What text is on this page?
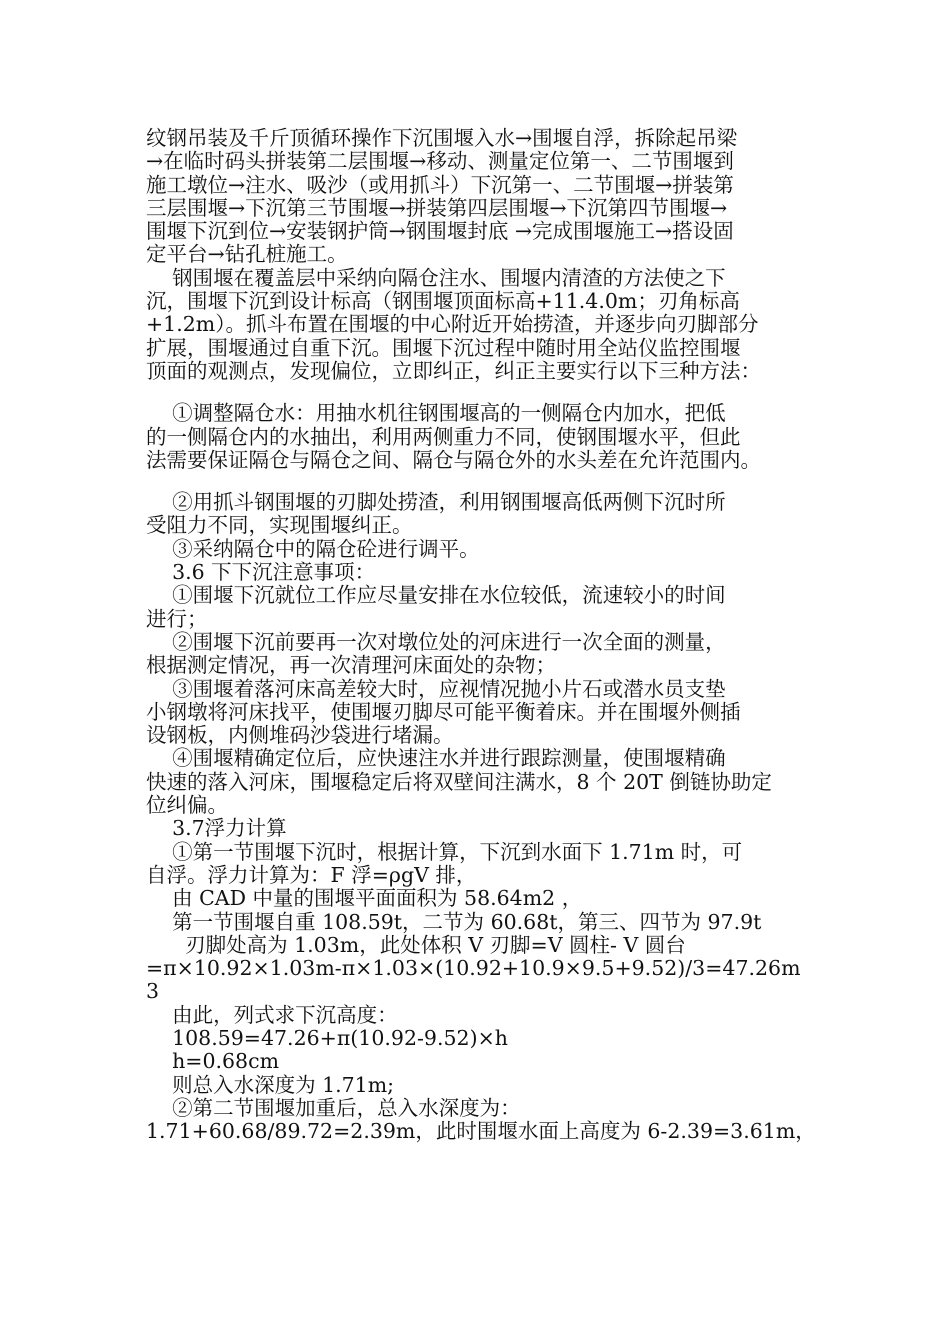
纹钢吊装及千斤顶循环操作下沉围堰入水→围堰自浮，拆除起吊梁
→在临时码头拼装第二层围堰→移动、测量定位第一、二节围堰到
施工墩位→注水、吸沙（或用抓斗）下沉第一、二节围堰→拼装第
三层围堰→下沉第三节围堰→拼装第四层围堰→下沉第四节围堰→
围堰下沉到位→安装钢护筒→钢围堰封底 →完成围堰施工→搭设固
定平台→钻孔桩施工。
钢围堰在覆盖层中采纳向隔仓注水、围堰内清渣的方法使之下
沉，围堰下沉到设计标高（钢围堰顶面标高+11.4.0m；刃角标高
+1.2m）。抓斗布置在围堰的中心附近开始捞渣，并逐步向刃脚部分
扩展，围堰通过自重下沉。围堰下沉过程中随时用全站仪监控围堰
顶面的观测点，发现偏位，立即纠正，纠正主要实行以下三种方法：
①调整隔仓水：用抽水机往钢围堰高的一侧隔仓内加水，把低
的一侧隔仓内的水抽出，利用两侧重力不同，使钢围堰水平，但此
法需要保证隔仓与隔仓之间、隔仓与隔仓外的水头差在允许范围内。
②用抓斗钢围堰的刃脚处捞渣，利用钢围堰高低两侧下沉时所
受阻力不同，实现围堰纠正。
③采纳隔仓中的隔仓砼进行调平。
3.6 下下沉注意事项：
①围堰下沉就位工作应尽量安排在水位较低，流速较小的时间
进行；
②围堰下沉前要再一次对墩位处的河床进行一次全面的测量，
根据测定情况，再一次清理河床面处的杂物；
③围堰着落河床高差较大时，应视情况抛小片石或潜水员支垫
小钢墩将河床找平，使围堰刃脚尽可能平衡着床。并在围堰外侧插
设钢板，内侧堆码沙袋进行堵漏。
④围堰精确定位后，应快速注水并进行跟踪测量，使围堰精确
快速的落入河床，围堰稳定后将双壁间注满水，8 个 20T 倒链协助定
位纠偏。
3.7浮力计算
①第一节围堰下沉时，根据计算，下沉到水面下 1.71m 时，可
自浮。浮力计算为：F 浮=ρgV 排，
由 CAD 中量的围堰平面面积为 58.64m2 ，
第一节围堰自重 108.59t，二节为 60.68t，第三、四节为 97.9t
刃脚处高为 1.03m，此处体积 V 刃脚=V 圆柱- V 圆台
=π×10.92×1.03m-π×1.03×(10.92+10.9×9.5+9.52)/3=47.26m
3
由此，列式求下沉高度：
108.59=47.26+π(10.92-9.52)×h
h=0.68cm
则总入水深度为 1.71m;
②第二节围堰加重后，总入水深度为：
1.71+60.68/89.72=2.39m，此时围堰水面上高度为 6-2.39=3.61m，
